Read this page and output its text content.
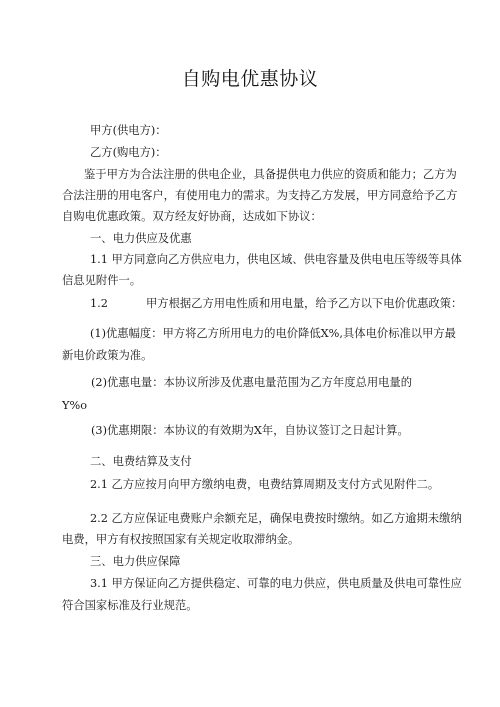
自购电优惠协议
甲方(供电方)：
乙方(购电方)：
鉴于甲方为合法注册的供电企业，具备提供电力供应的资质和能力；乙方为
合法注册的用电客户，有使用电力的需求。为支持乙方发展，甲方同意给予乙方
自购电优惠政策。双方经友好协商，达成如下协议：
一、电力供应及优惠
1.1 甲方同意向乙方供应电力，供电区域、供电容量及供电电压等级等具体
信息见附件一。
1.2	甲方根据乙方用电性质和用电量，给予乙方以下电价优惠政策：
(1)优惠幅度：甲方将乙方所用电力的电价降低X%,具体电价标准以甲方最
新电价政策为准。
(2)优惠电量：本协议所涉及优惠电量范围为乙方年度总用电量的
Y%o
(3)优惠期限：本协议的有效期为X年，自协议签订之日起计算。
二、电费结算及支付
2.1 乙方应按月向甲方缴纳电费，电费结算周期及支付方式见附件二。
2.2 乙方应保证电费账户余额充足，确保电费按时缴纳。如乙方逾期未缴纳
电费，甲方有权按照国家有关规定收取滞纳金。
三、电力供应保障
3.1 甲方保证向乙方提供稳定、可靠的电力供应，供电质量及供电可靠性应
符合国家标准及行业规范。
